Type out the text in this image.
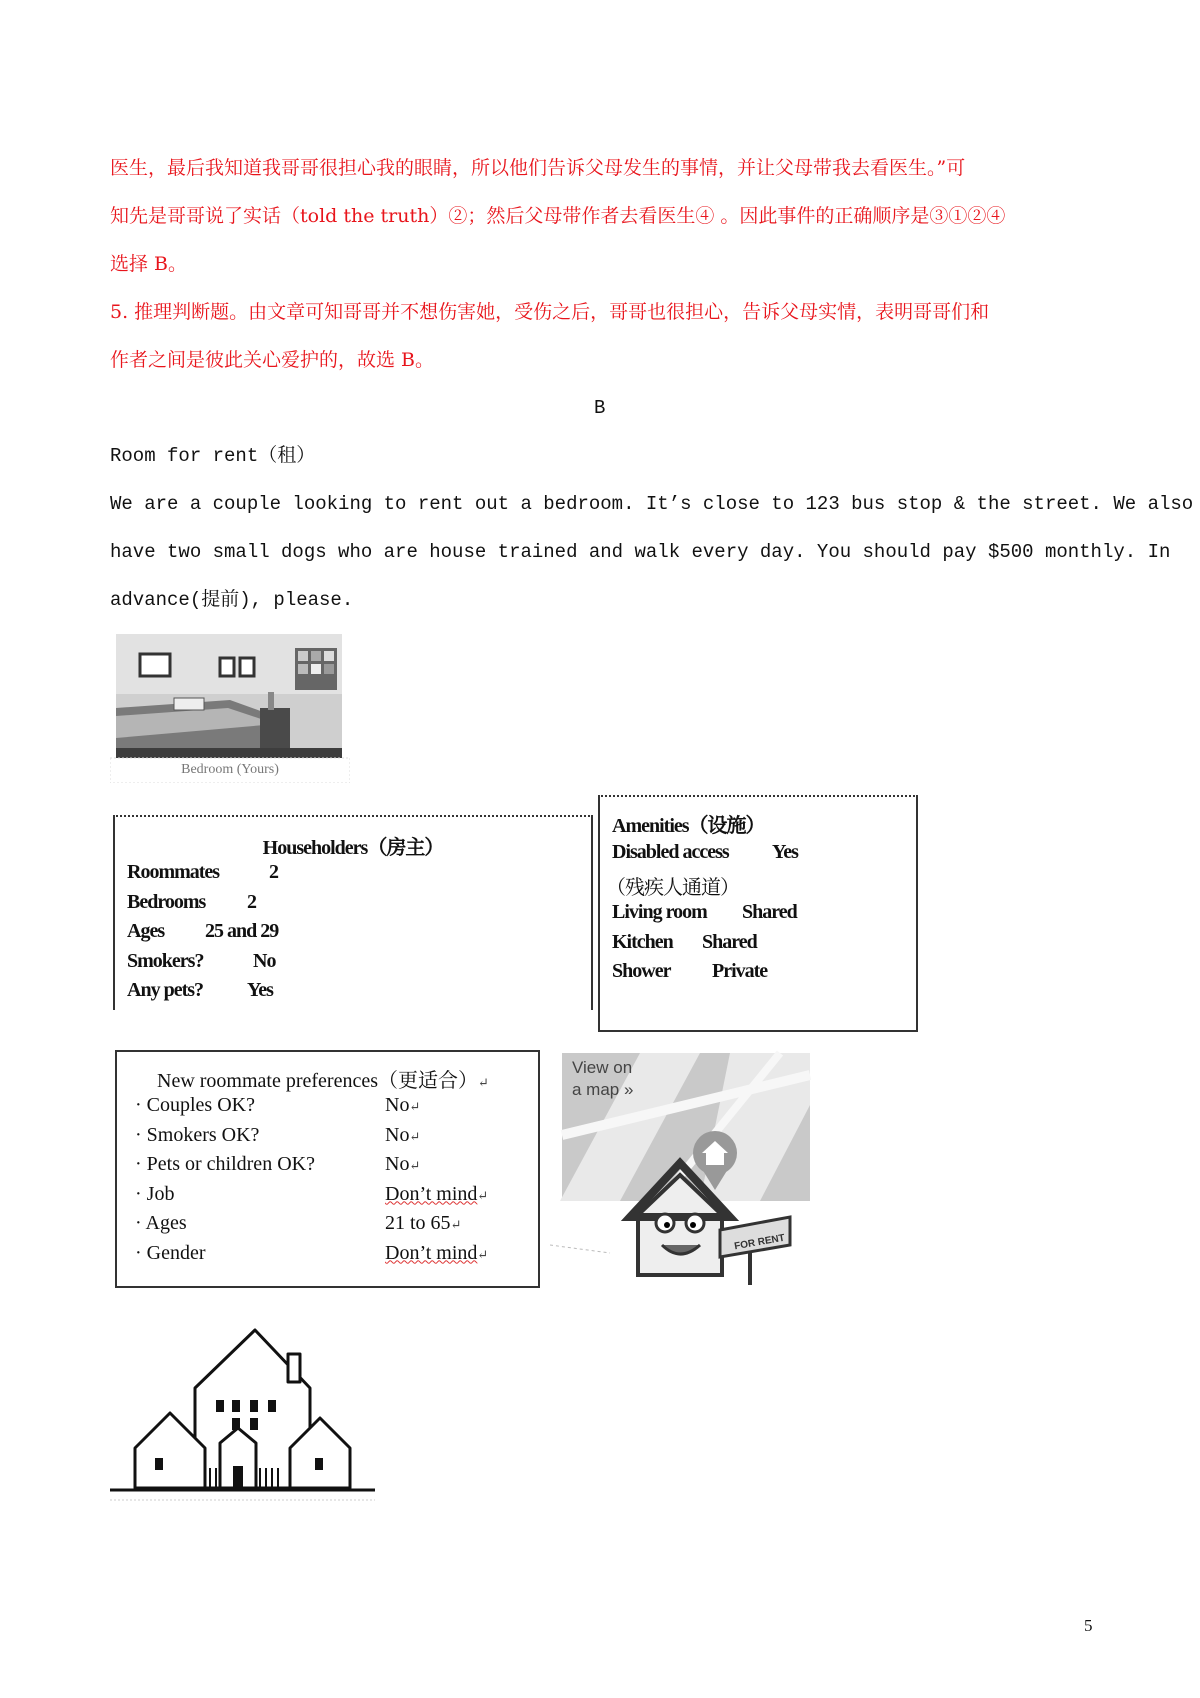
医生，最后我知道我哥哥很担心我的眼睛，所以他们告诉父母发生的事情，并让父母带我去看医生。”可
知先是哥哥说了实话（told the truth）②；然后父母带作者去看医生④ 。因此事件的正确顺序是③①②④
选择 B。
5. 推理判断题。由文章可知哥哥并不想伤害她，受伤之后，哥哥也很担心，告诉父母实情，表明哥哥们和
作者之间是彼此关心爱护的，故选 B。
B
Room for rent（租）
We are a couple looking to rent out a bedroom. It’s close to 123 bus stop & the street. We also
have two small dogs who are house trained and walk every day. You should pay $500 monthly. In
advance(提前), please.
Bedroom (Yours)
Householders（房主）
Roommates 2
Bedrooms 2
Ages 25 and 29
Smokers? No
Any pets? Yes
Amenities（设施）
Disabled access Yes
（残疾人通道）
Living room Shared
Kitchen Shared
Shower Private
New roommate preferences（更适合）↵
· Couples OK?	No↵
· Smokers OK?	No↵
· Pets or children OK?	No↵
· Job	Don’t mind↵
· Ages	21 to 65↵
· Gender	Don’t mind↵
View on
a map »
FOR RENT
5
